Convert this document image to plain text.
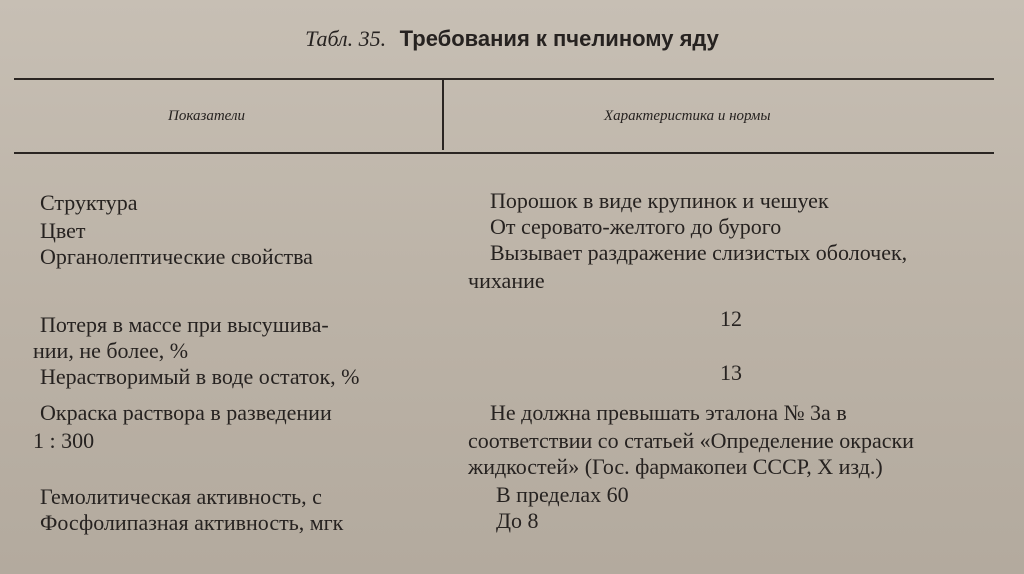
Табл. 35. Требования к пчелиному яду
Показатели	Характеристика и нормы
Структура
Цвет
Органолептические свойства
Потеря в массе при высушива-
нии, не более, %
Нерастворимый в воде остаток, %
Окраска раствора в разведении
1 : 300
Гемолитическая активность, с
Фосфолипазная активность, мгк
Порошок в виде крупинок и чешуек
От серовато-желтого до бурого
Вызывает раздражение слизистых оболочек,
чихание
12
13
Не должна превышать эталона № 3а в
соответствии со статьей «Определение окраски
жидкостей» (Гос. фармакопеи СССР, X изд.)
В пределах 60
До 8
